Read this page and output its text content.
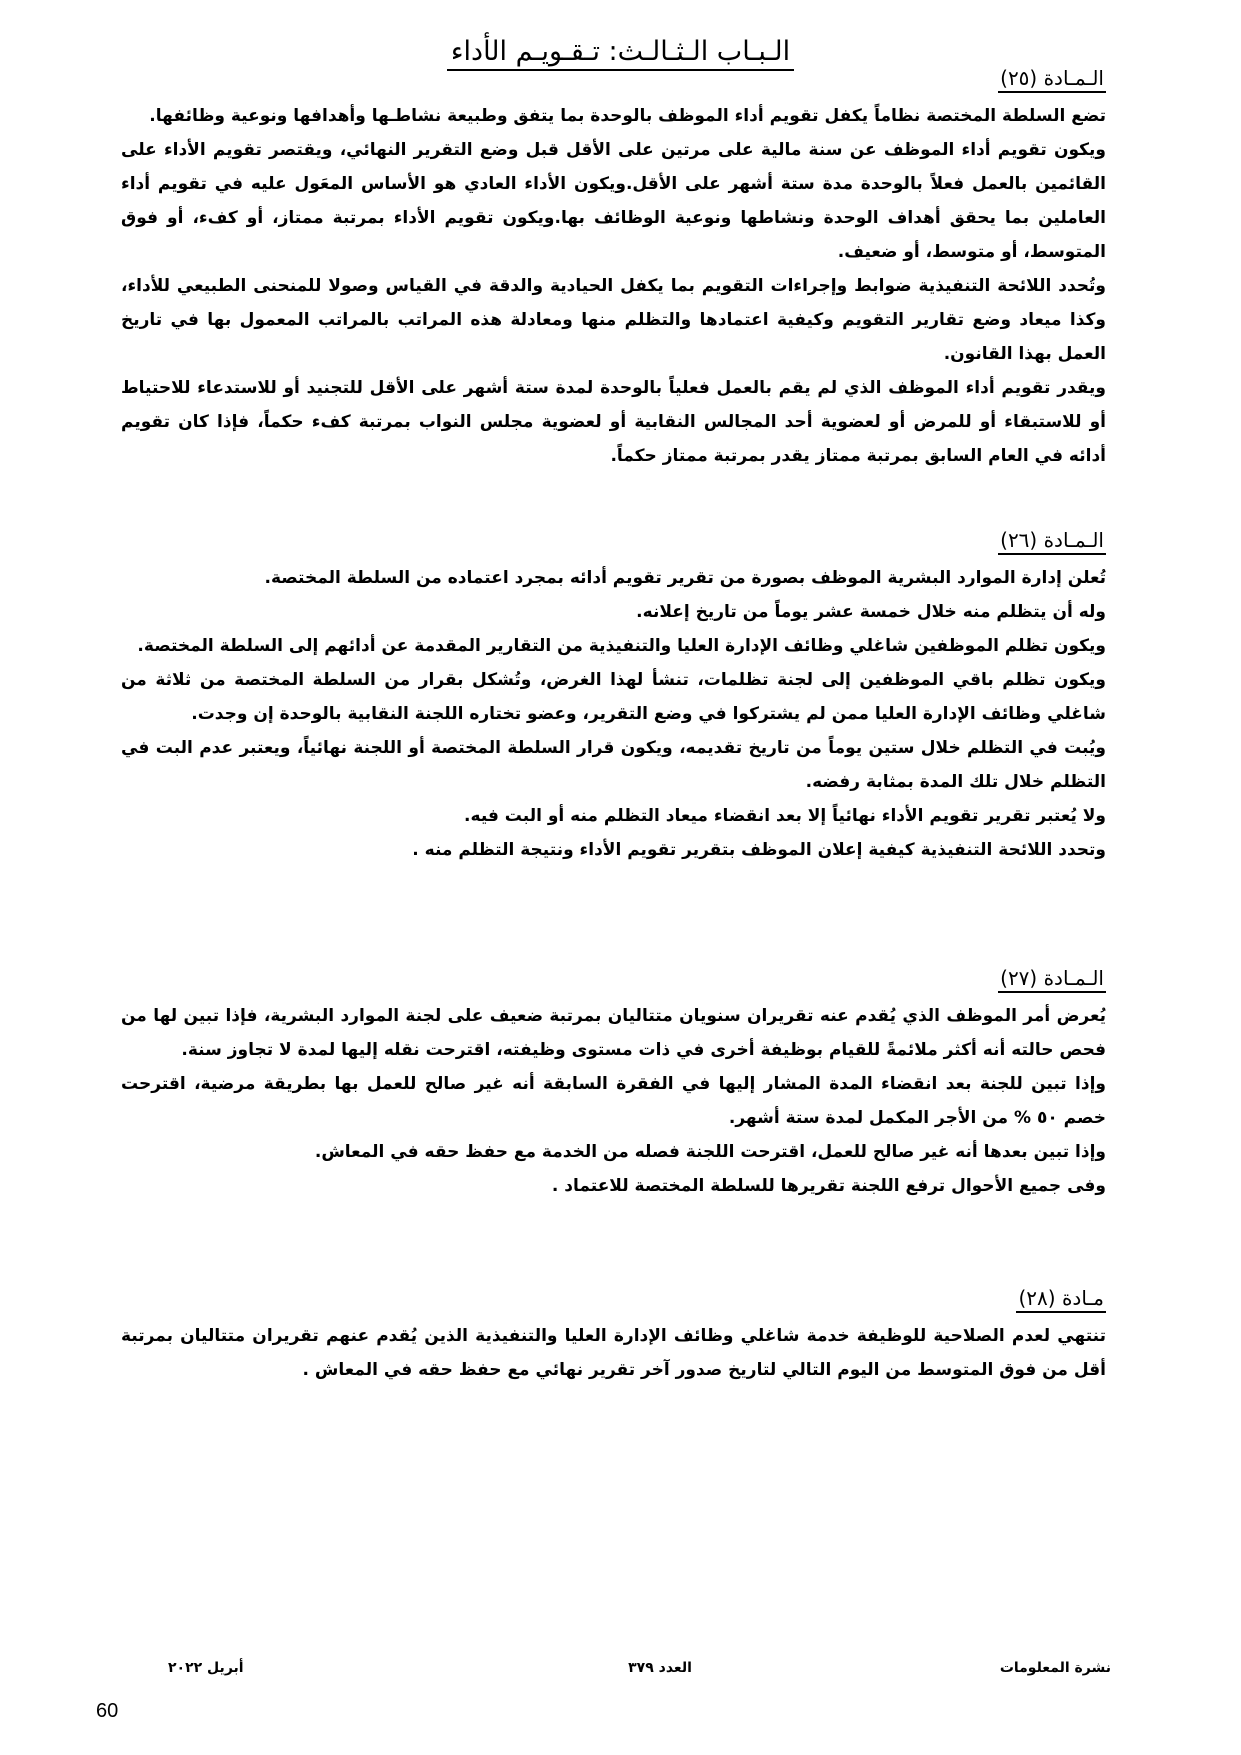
الـبـاب الـثـالـث: تـقـويـم الأداء
الـمـادة (٢٥)
تضع السلطة المختصة نظاماً يكفل تقويم أداء الموظف بالوحدة بما يتفق وطبيعة نشاطـها وأهدافها ونوعية وظائفها.
ويكون تقويم أداء الموظف عن سنة مالية على مرتين على الأقل قبل وضع التقرير النهائي، ويقتصر تقويم الأداء على القائمين بالعمل فعلاً بالوحدة مدة ستة أشهر على الأقل.ويكون الأداء العادي هو الأساس المعَول عليه في تقويم أداء العاملين بما يحقق أهداف الوحدة ونشاطها ونوعية الوظائف بها.ويكون تقويم الأداء بمرتبة ممتاز، أو كفء، أو فوق المتوسط، أو متوسط، أو ضعيف.
وتُحدد اللائحة التنفيذية ضوابط وإجراءات التقويم بما يكفل الحيادية والدقة في القياس وصولا للمنحنى الطبيعي للأداء، وكذا ميعاد وضع تقارير التقويم وكيفية اعتمادها والتظلم منها ومعادلة هذه المراتب بالمراتب المعمول بها في تاريخ العمل بهذا القانون.
ويقدر تقويم أداء الموظف الذي لم يقم بالعمل فعلياً بالوحدة لمدة ستة أشهر على الأقل للتجنيد أو للاستدعاء للاحتياط أو للاستبقاء أو للمرض أو لعضوية أحد المجالس النقابية أو لعضوية مجلس النواب بمرتبة كفء حكماً، فإذا كان تقويم أدائه في العام السابق بمرتبة ممتاز يقدر بمرتبة ممتاز حكماً.
الـمـادة (٢٦)
تُعلن إدارة الموارد البشرية الموظف بصورة من تقرير تقويم أدائه بمجرد اعتماده من السلطة المختصة.
وله أن يتظلم منه خلال خمسة عشر يوماً من تاريخ إعلانه.
ويكون تظلم الموظفين شاغلي وظائف الإدارة العليا والتنفيذية من التقارير المقدمة عن أدائهم إلى السلطة المختصة.
ويكون تظلم باقي الموظفين إلى لجنة تظلمات، تنشأ لهذا الغرض، وتُشكل بقرار من السلطة المختصة من ثلاثة من شاغلي وظائف الإدارة العليا ممن لم يشتركوا في وضع التقرير، وعضو تختاره اللجنة النقابية بالوحدة إن وجدت.
ويُبت في التظلم خلال ستين يوماً من تاريخ تقديمه، ويكون قرار السلطة المختصة أو اللجنة نهائياً، ويعتبر عدم البت في التظلم خلال تلك المدة بمثابة رفضه.
ولا يُعتبر تقرير تقويم الأداء نهائياً إلا بعد انقضاء ميعاد التظلم منه أو البت فيه.
وتحدد اللائحة التنفيذية كيفية إعلان الموظف بتقرير تقويم الأداء ونتيجة التظلم منه .
الـمـادة (٢٧)
يُعرض أمر الموظف الذي يُقدم عنه تقريران سنويان متتاليان بمرتبة ضعيف على لجنة الموارد البشرية، فإذا تبين لها من فحص حالته أنه أكثر ملائمةً للقيام بوظيفة أخرى في ذات مستوى وظيفته، اقترحت نقله إليها لمدة لا تجاوز سنة.
وإذا تبين للجنة بعد انقضاء المدة المشار إليها في الفقرة السابقة أنه غير صالح للعمل بها بطريقة مرضية، اقترحت خصم ٥٠ % من الأجر المكمل لمدة ستة أشهر.
وإذا تبين بعدها أنه غير صالح للعمل، اقترحت اللجنة فصله من الخدمة مع حفظ حقه في المعاش.
وفى جميع الأحوال ترفع اللجنة تقريرها للسلطة المختصة للاعتماد .
مـادة (٢٨)
تنتهي لعدم الصلاحية للوظيفة خدمة شاغلي وظائف الإدارة العليا والتنفيذية الذين يُقدم عنهم تقريران متتاليان بمرتبة أقل من فوق المتوسط من اليوم التالي لتاريخ صدور آخر تقرير نهائي مع حفظ حقه في المعاش .
نشرة المعلومات
العدد ٣٧٩
أبريل ٢٠٢٢
60
